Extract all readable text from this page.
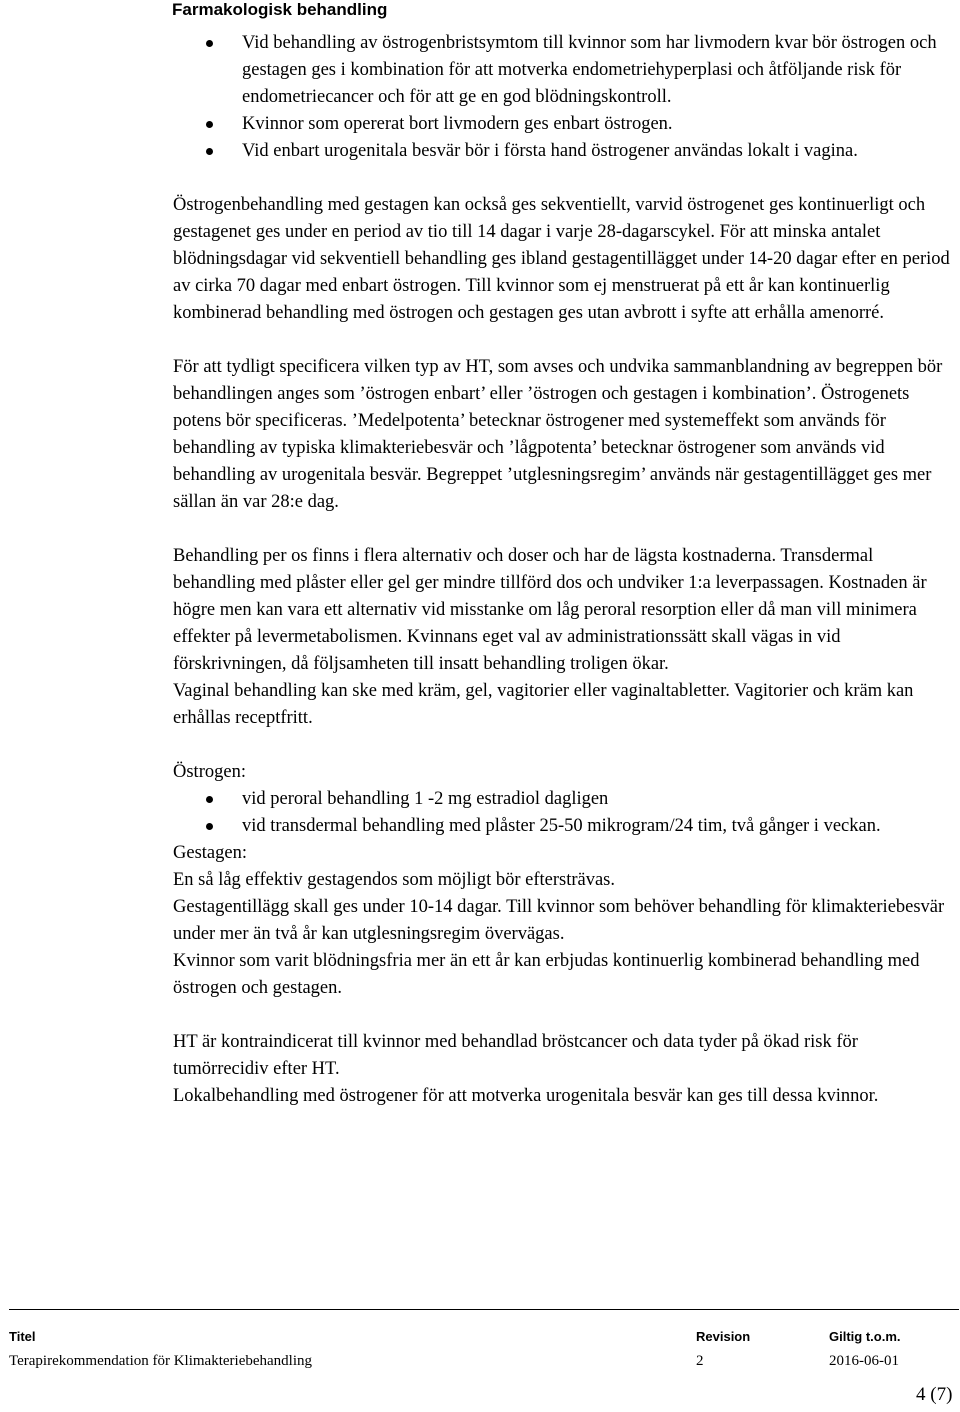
Farmakologisk behandling
Vid behandling av östrogenbristsymtom till kvinnor som har livmodern kvar bör östrogen och gestagen ges i kombination för att motverka endometriehyperplasi och åtföljande risk för endometriecancer och för att ge en god blödningskontroll.
Kvinnor som opererat bort livmodern ges enbart östrogen.
Vid enbart urogenitala besvär bör i första hand östrogener användas lokalt i vagina.

Östrogenbehandling med gestagen kan också ges sekventiellt, varvid östrogenet ges kontinuerligt och gestagenet ges under en period av tio till 14 dagar i varje 28-dagarscykel. För att minska antalet blödningsdagar vid sekventiell behandling ges ibland gestagentillägget under 14-20 dagar efter en period av cirka 70 dagar med enbart östrogen. Till kvinnor som ej menstruerat på ett år kan kontinuerlig kombinerad behandling med östrogen och gestagen ges utan avbrott i syfte att erhålla amenorré.

För att tydligt specificera vilken typ av HT, som avses och undvika sammanblandning av begreppen bör behandlingen anges som ’östrogen enbart’ eller ’östrogen och gestagen i kombination’. Östrogenets potens bör specificeras. ’Medelpotenta’ betecknar östrogener med systemeffekt som används för behandling av typiska klimakteriebesvär och ’lågpotenta’ betecknar östrogener som används vid behandling av urogenitala besvär. Begreppet ’utglesningsregim’ används när gestagentillägget ges mer sällan än var 28:e dag.

Behandling per os finns i flera alternativ och doser och har de lägsta kostnaderna. Transdermal behandling med plåster eller gel ger mindre tillförd dos och undviker 1:a leverpassagen. Kostnaden är högre men kan vara ett alternativ vid misstanke om låg peroral resorption eller då man vill minimera effekter på levermetabolismen. Kvinnans eget val av administrationssätt skall vägas in vid förskrivningen, då följsamheten till insatt behandling troligen ökar.

Vaginal behandling kan ske med kräm, gel, vagitorier eller vaginaltabletter. Vagitorier och kräm kan erhållas receptfritt.

Östrogen:

vid peroral behandling 1 -2 mg estradiol dagligen
vid transdermal behandling med plåster 25-50 mikrogram/24 tim, två gånger i veckan.

Gestagen:

En så låg effektiv gestagendos som möjligt bör eftersträvas.

Gestagentillägg skall ges under 10-14 dagar. Till kvinnor som behöver behandling för klimakteriebesvär under mer än två år kan utglesningsregim övervägas.

Kvinnor som varit blödningsfria mer än ett år kan erbjudas kontinuerlig kombinerad behandling med östrogen och gestagen.

HT är kontraindicerat till kvinnor med behandlad bröstcancer och data tyder på ökad risk för tumörrecidiv efter HT.

Lokalbehandling med östrogener för att motverka urogenitala besvär kan ges till dessa kvinnor.

Titel	Revision	Giltig t.o.m.
Terapirekommendation för Klimakteriebehandling	2	2016-06-01
4 (7)
